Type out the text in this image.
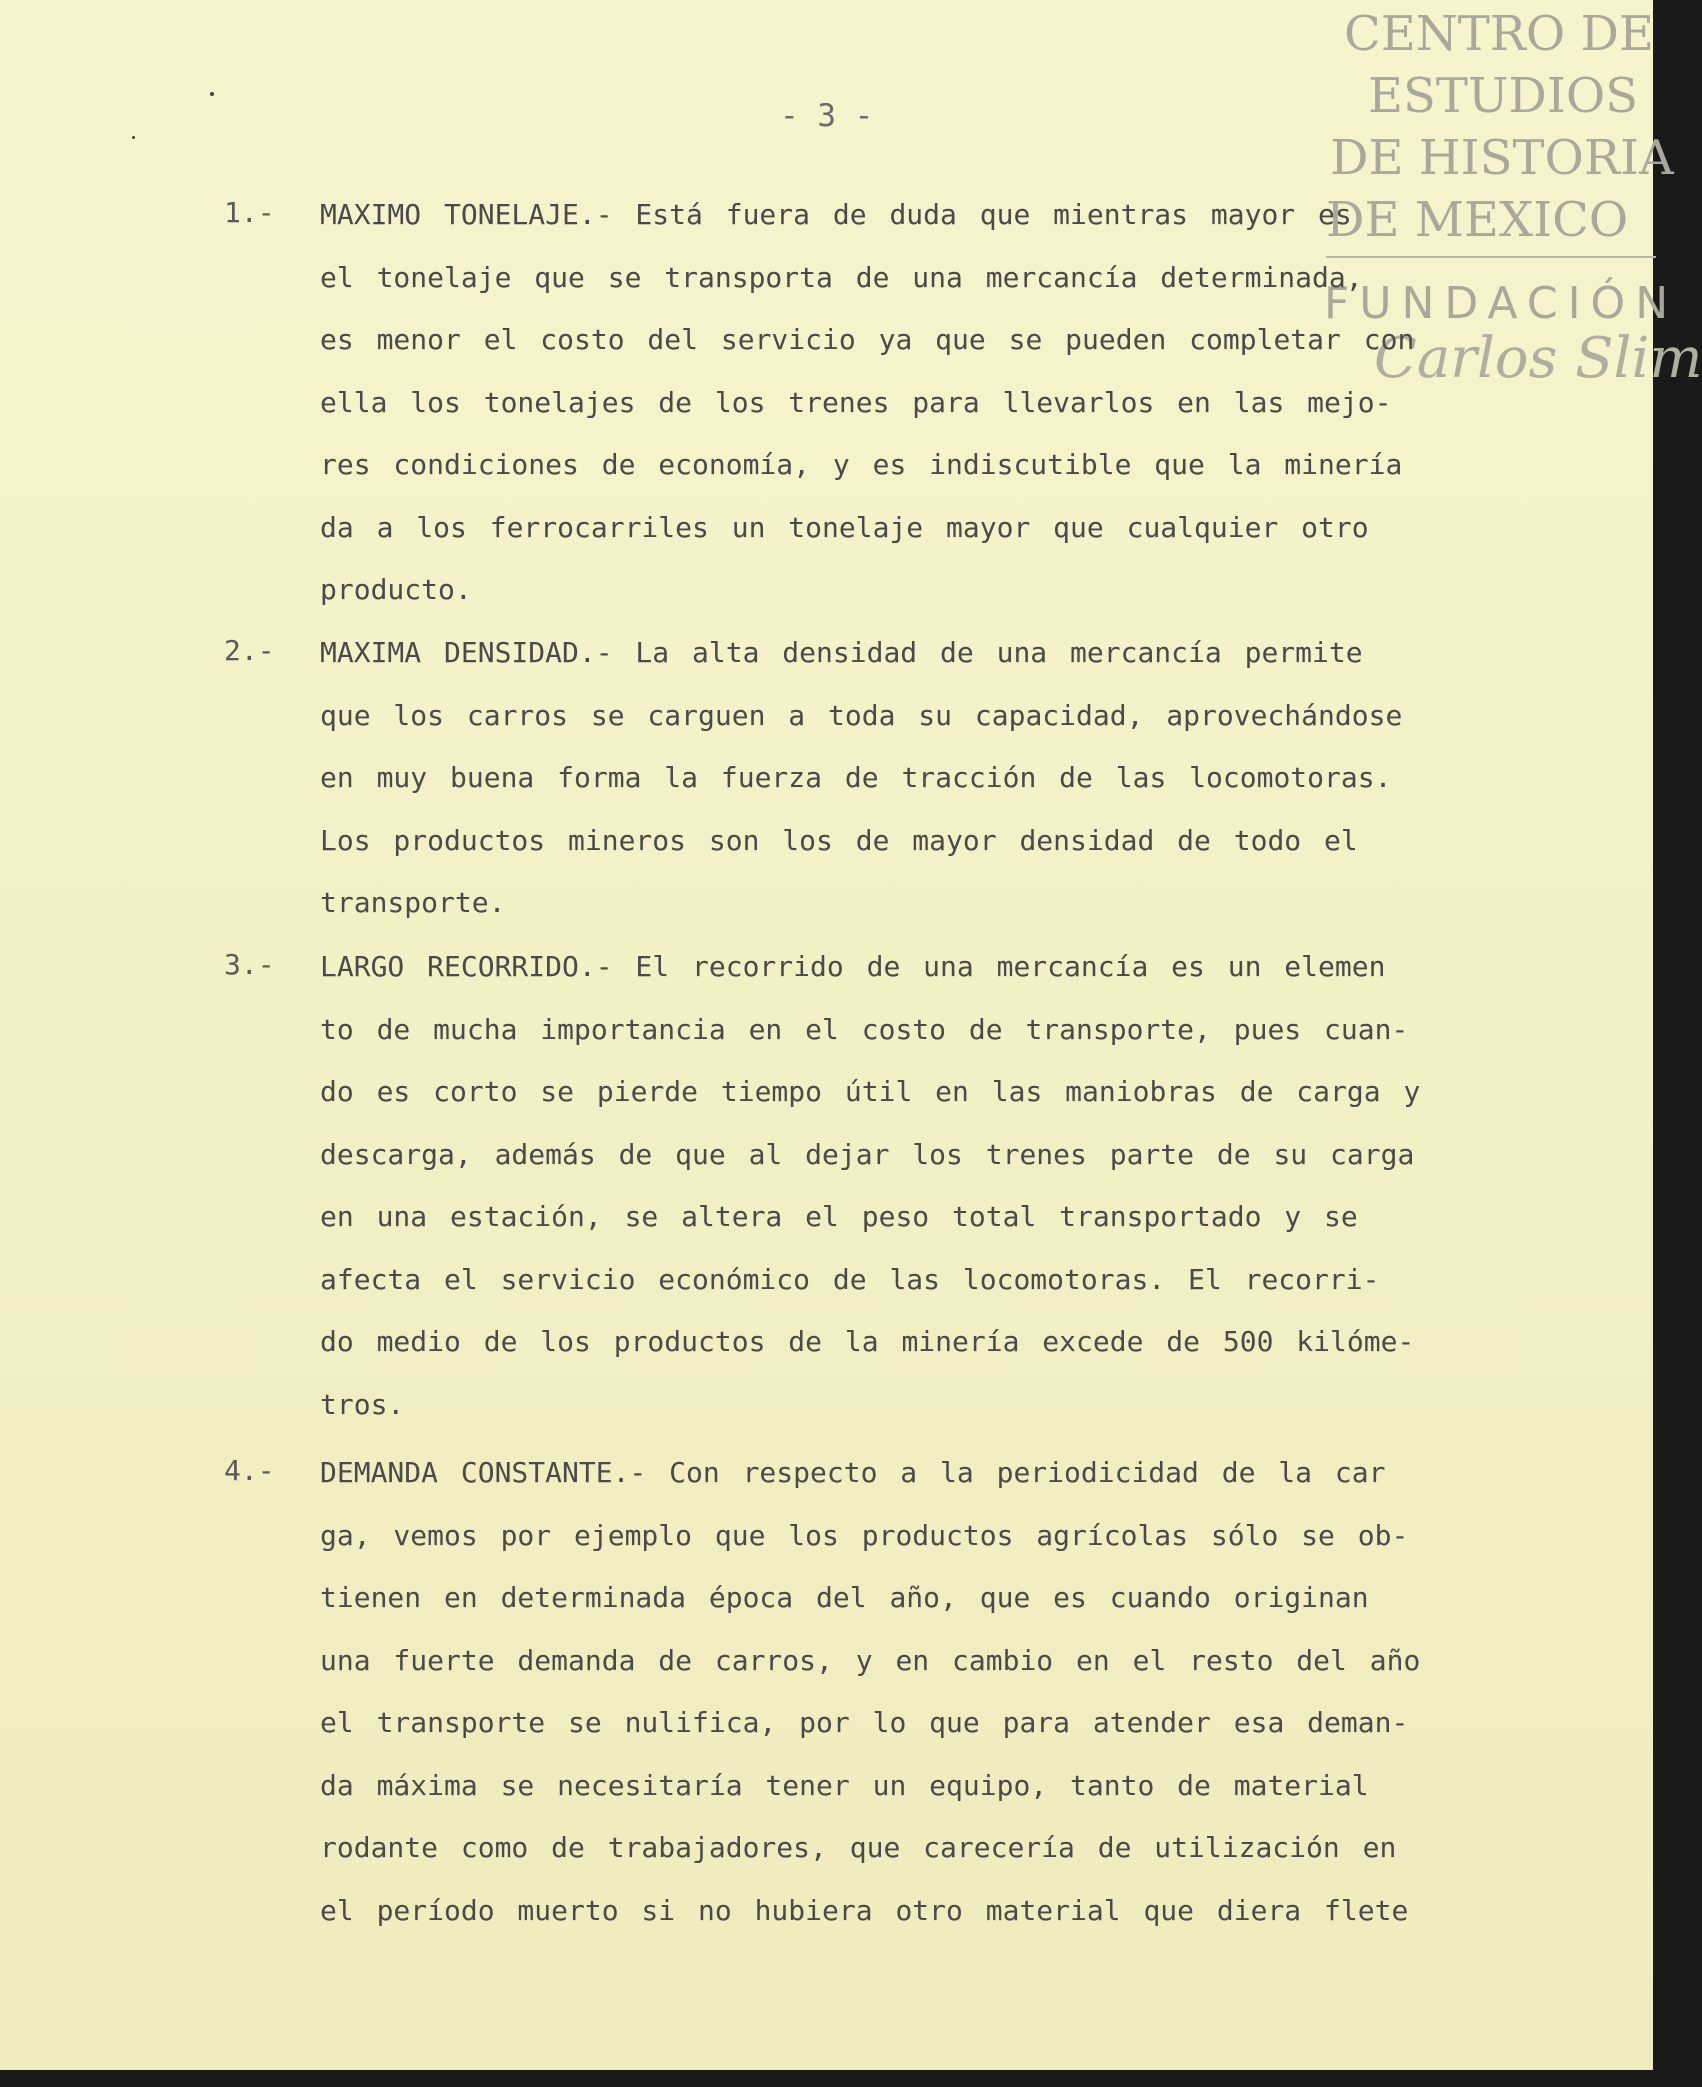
- 3 -
CENTRO DE
ESTUDIOS
DE HISTORIA
DE MEXICO
FUNDACIÓN
Carlos Slim
1.- MAXIMO TONELAJE.- Está fuera de duda que mientras mayor es
el tonelaje que se transporta de una mercancía determinada,
es menor el costo del servicio ya que se pueden completar con
ella los tonelajes de los trenes para llevarlos en las mejo-
res condiciones de economía, y es indiscutible que la minería
da a los ferrocarriles un tonelaje mayor que cualquier otro
producto.
2.- MAXIMA DENSIDAD.- La alta densidad de una mercancía permite
que los carros se carguen a toda su capacidad, aprovechándose
en muy buena forma la fuerza de tracción de las locomotoras.
Los productos mineros son los de mayor densidad de todo el
transporte.
3.- LARGO RECORRIDO.- El recorrido de una mercancía es un elemen
to de mucha importancia en el costo de transporte, pues cuan-
do es corto se pierde tiempo útil en las maniobras de carga y
descarga, además de que al dejar los trenes parte de su carga
en una estación, se altera el peso total transportado y se
afecta el servicio económico de las locomotoras. El recorri-
do medio de los productos de la minería excede de 500 kilóme-
tros.
4.- DEMANDA CONSTANTE.- Con respecto a la periodicidad de la car
ga, vemos por ejemplo que los productos agrícolas sólo se ob-
tienen en determinada época del año, que es cuando originan
una fuerte demanda de carros, y en cambio en el resto del año
el transporte se nulifica, por lo que para atender esa deman-
da máxima se necesitaría tener un equipo, tanto de material
rodante como de trabajadores, que carecería de utilización en
el período muerto si no hubiera otro material que diera flete
